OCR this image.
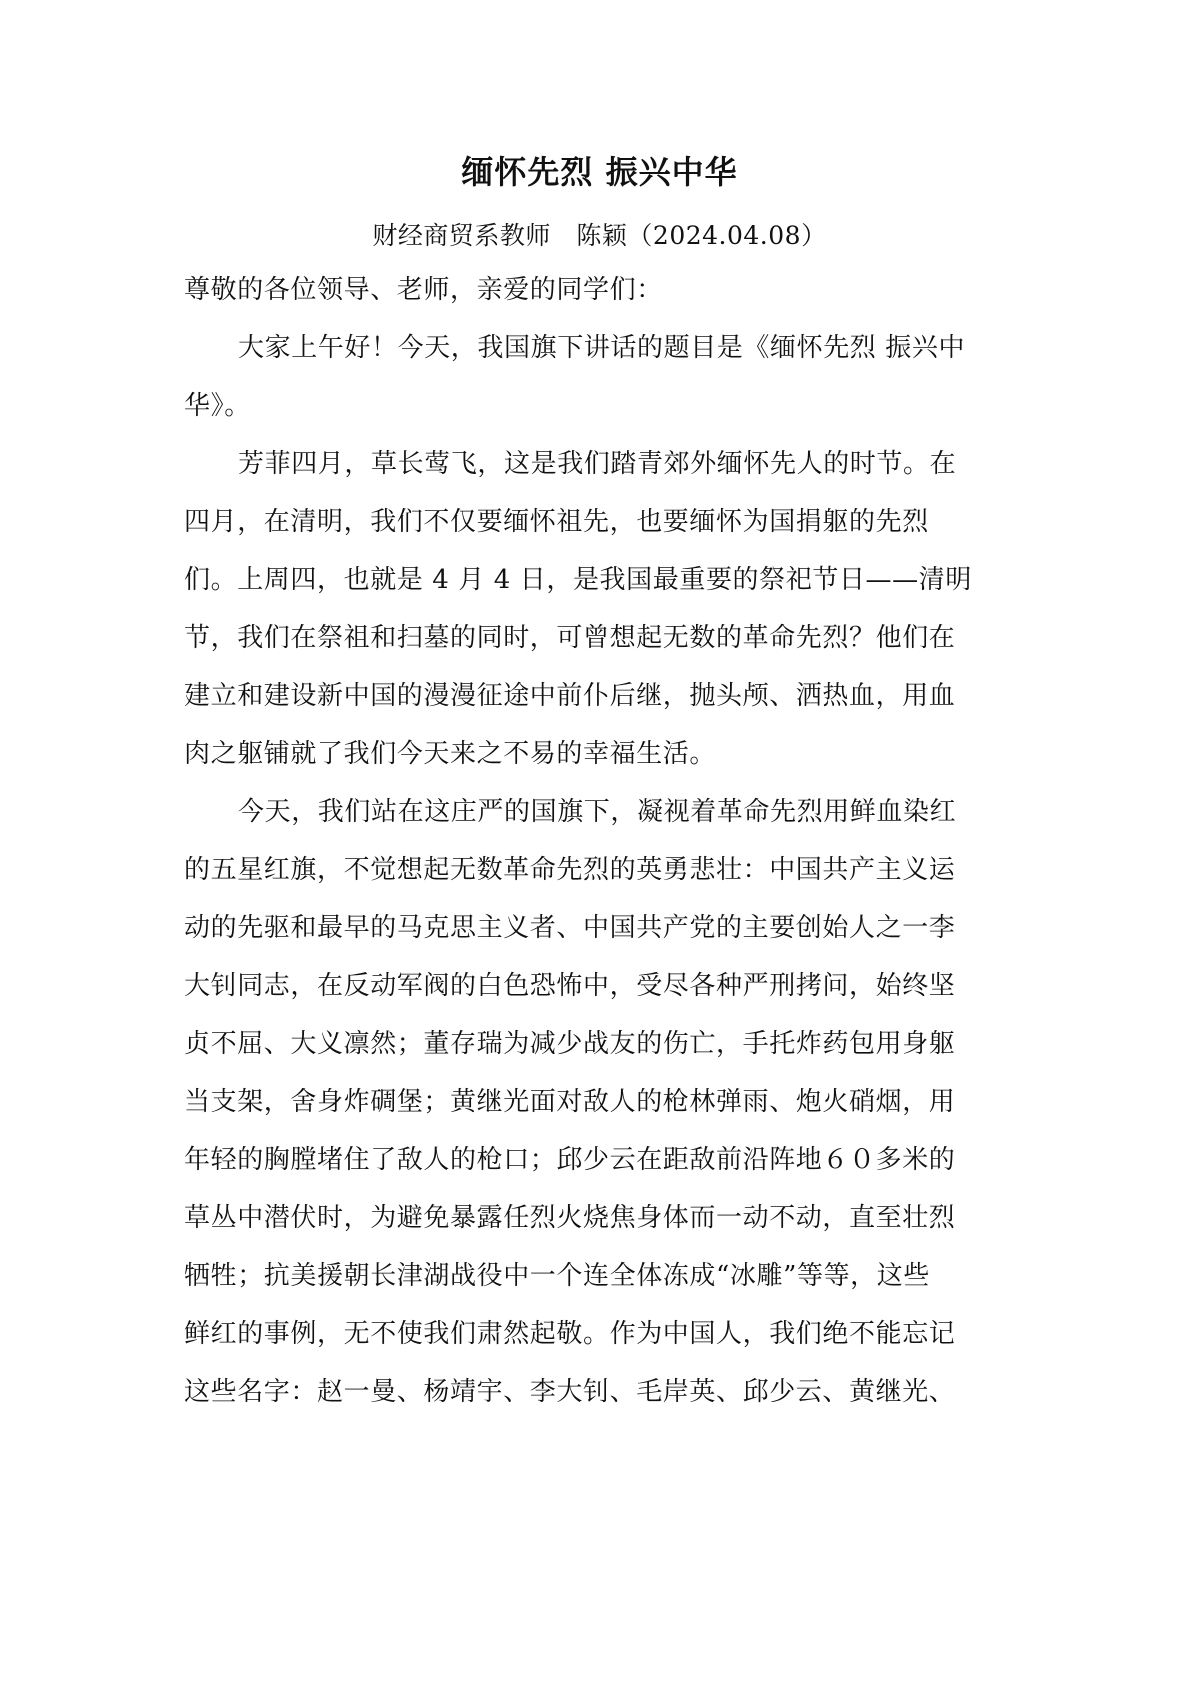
缅怀先烈 振兴中华
财经商贸系教师　陈颖（2024.04.08）
尊敬的各位领导、老师，亲爱的同学们：
大家上午好！今天，我国旗下讲话的题目是《缅怀先烈 振兴中
华》。
芳菲四月，草长莺飞，这是我们踏青郊外缅怀先人的时节。在
四月，在清明，我们不仅要缅怀祖先，也要缅怀为国捐躯的先烈
们。上周四，也就是 4 月 4 日，是我国最重要的祭祀节日——清明
节，我们在祭祖和扫墓的同时，可曾想起无数的革命先烈？他们在
建立和建设新中国的漫漫征途中前仆后继，抛头颅、洒热血，用血
肉之躯铺就了我们今天来之不易的幸福生活。
今天，我们站在这庄严的国旗下，凝视着革命先烈用鲜血染红
的五星红旗，不觉想起无数革命先烈的英勇悲壮：中国共产主义运
动的先驱和最早的马克思主义者、中国共产党的主要创始人之一李
大钊同志，在反动军阀的白色恐怖中，受尽各种严刑拷问，始终坚
贞不屈、大义凛然；董存瑞为减少战友的伤亡，手托炸药包用身躯
当支架，舍身炸碉堡；黄继光面对敌人的枪林弹雨、炮火硝烟，用
年轻的胸膛堵住了敌人的枪口；邱少云在距敌前沿阵地６０多米的
草丛中潜伏时，为避免暴露任烈火烧焦身体而一动不动，直至壮烈
牺牲；抗美援朝长津湖战役中一个连全体冻成“冰雕”等等，这些
鲜红的事例，无不使我们肃然起敬。作为中国人，我们绝不能忘记
这些名字：赵一曼、杨靖宇、李大钊、毛岸英、邱少云、黄继光、
